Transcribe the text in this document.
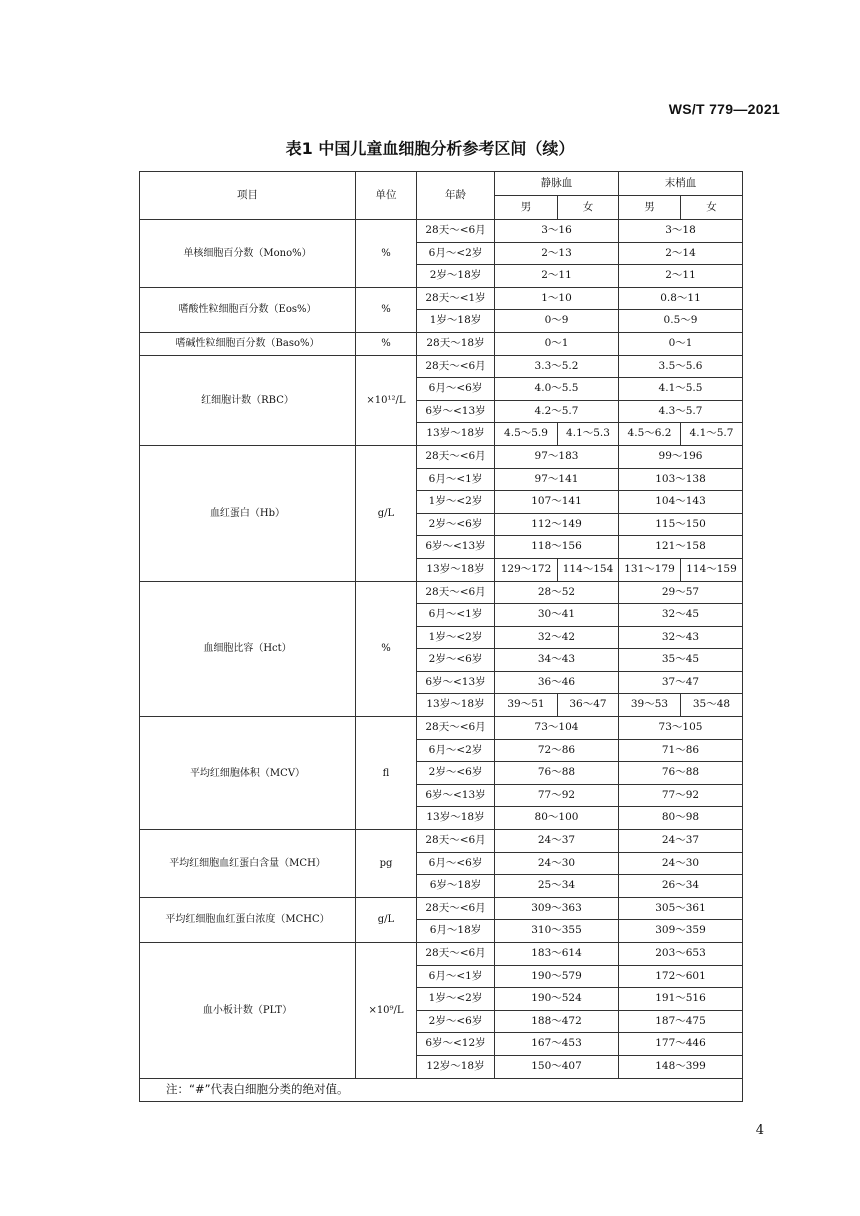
WS/T 779—2021
表1 中国儿童血细胞分析参考区间（续）
项目	单位	年龄	静脉血		末梢血	
			男	女	男	女
单核细胞百分数（Mono%）	%	28天～<6月	3～16		3～18	
		6月～<2岁	2～13		2～14	
		2岁～18岁	2～11		2～11	
嗜酸性粒细胞百分数（Eos%）	%	28天～<1岁	1～10		0.8～11	
		1岁～18岁	0～9		0.5～9	
嗜碱性粒细胞百分数（Baso%）	%	28天～18岁	0～1		0～1	
红细胞计数（RBC）	×10¹²/L	28天～<6月	3.3～5.2		3.5～5.6	
		6月～<6岁	4.0～5.5		4.1～5.5	
		6岁～<13岁	4.2～5.7		4.3～5.7	
		13岁～18岁	4.5～5.9	4.1～5.3	4.5～6.2	4.1～5.7
血红蛋白（Hb）	g/L	28天～<6月	97～183		99～196	
		6月～<1岁	97～141		103～138	
		1岁～<2岁	107～141		104～143	
		2岁～<6岁	112～149		115～150	
		6岁～<13岁	118～156		121～158	
		13岁～18岁	129～172	114～154	131～179	114～159
血细胞比容（Hct）	%	28天～<6月	28～52		29～57	
		6月～<1岁	30～41		32～45	
		1岁～<2岁	32～42		32～43	
		2岁～<6岁	34～43		35～45	
		6岁～<13岁	36～46		37～47	
		13岁～18岁	39～51	36～47	39～53	35～48
平均红细胞体积（MCV）	fl	28天～<6月	73～104		73～105	
		6月～<2岁	72～86		71～86	
		2岁～<6岁	76～88		76～88	
		6岁～<13岁	77～92		77～92	
		13岁～18岁	80～100		80～98	
平均红细胞血红蛋白含量（MCH）	pg	28天～<6月	24～37		24～37	
		6月～<6岁	24～30		24～30	
		6岁～18岁	25～34		26～34	
平均红细胞血红蛋白浓度（MCHC）	g/L	28天～<6月	309～363		305～361	
		6月～18岁	310～355		309～359	
血小板计数（PLT）	×10⁹/L	28天～<6月	183～614		203～653	
		6月～<1岁	190～579		172～601	
		1岁～<2岁	190～524		191～516	
		2岁～<6岁	188～472		187～475	
		6岁～<12岁	167～453		177～446	
		12岁～18岁	150～407		148～399	
注：“#”代表白细胞分类的绝对值。						
4
